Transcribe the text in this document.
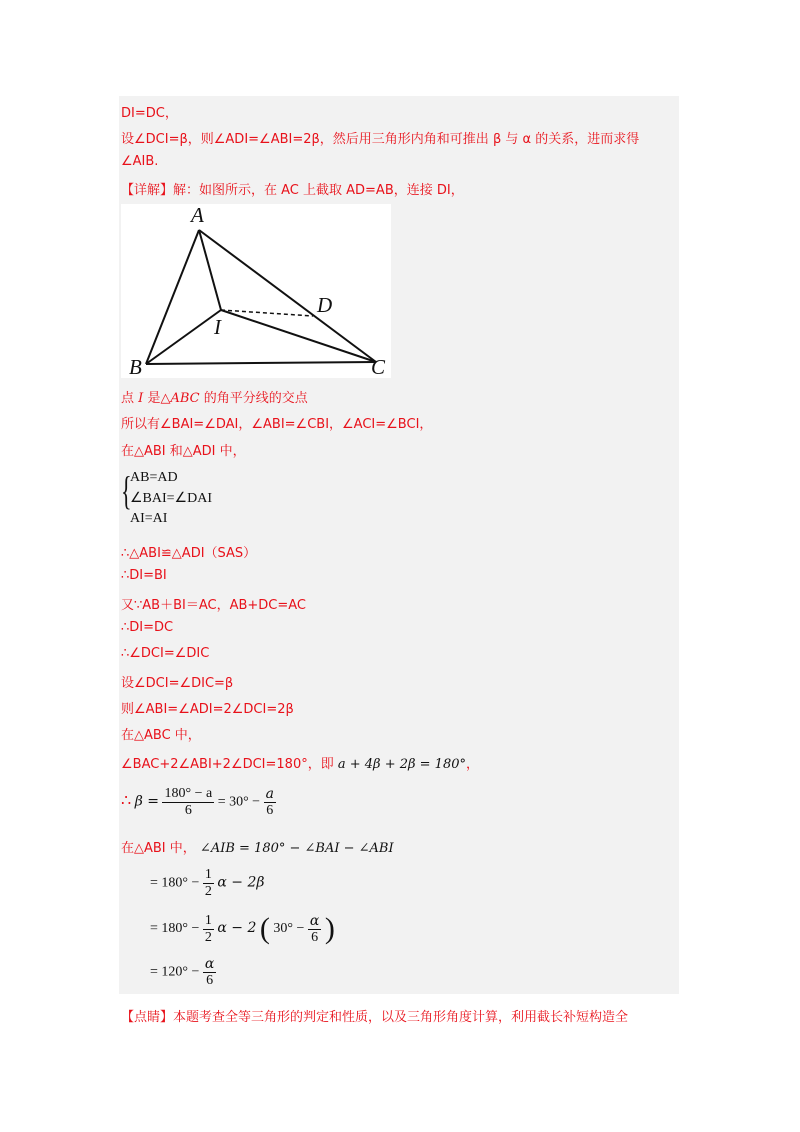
DI=DC，
设∠DCI=β，则∠ADI=∠ABI=2β，然后用三角形内角和可推出 β 与 α 的关系，进而求得
∠AIB.
【详解】解：如图所示，在 AC 上截取 AD=AB，连接 DI，
A
B	C
D
I
点 I 是△ABC 的角平分线的交点
所以有∠BAI=∠DAI，∠ABI=∠CBI，∠ACI=∠BCI，
在△ABI 和△ADI 中，
{
AB=AD
∠BAI=∠DAI
AI=AI
∴△ABI≌△ADI（SAS）
∴DI=BI
又∵AB＋BI＝AC，AB+DC=AC
∴DI=DC
∴∠DCI=∠DIC
设∠DCI=∠DIC=β
则∠ABI=∠ADI=2∠DCI=2β
在△ABC 中，
∠BAC+2∠ABI+2∠DCI=180°，即 a + 4β + 2β = 180°，
∴ $\beta = \frac{180^\circ - a}{6} = 30^\circ - \frac{a}{6}$
在△ABI 中， ∠AIB = 180° − ∠BAI − ∠ABI
= $180^\circ - \frac{1}{2}$ α − 2β
= $180^\circ - \frac{1}{2}$ α − 2 ( $30^\circ - \frac{\alpha}{6}$ )
= $120^\circ - \frac{\alpha}{6}$
【点睛】本题考查全等三角形的判定和性质，以及三角形角度计算，利用截长补短构造全
